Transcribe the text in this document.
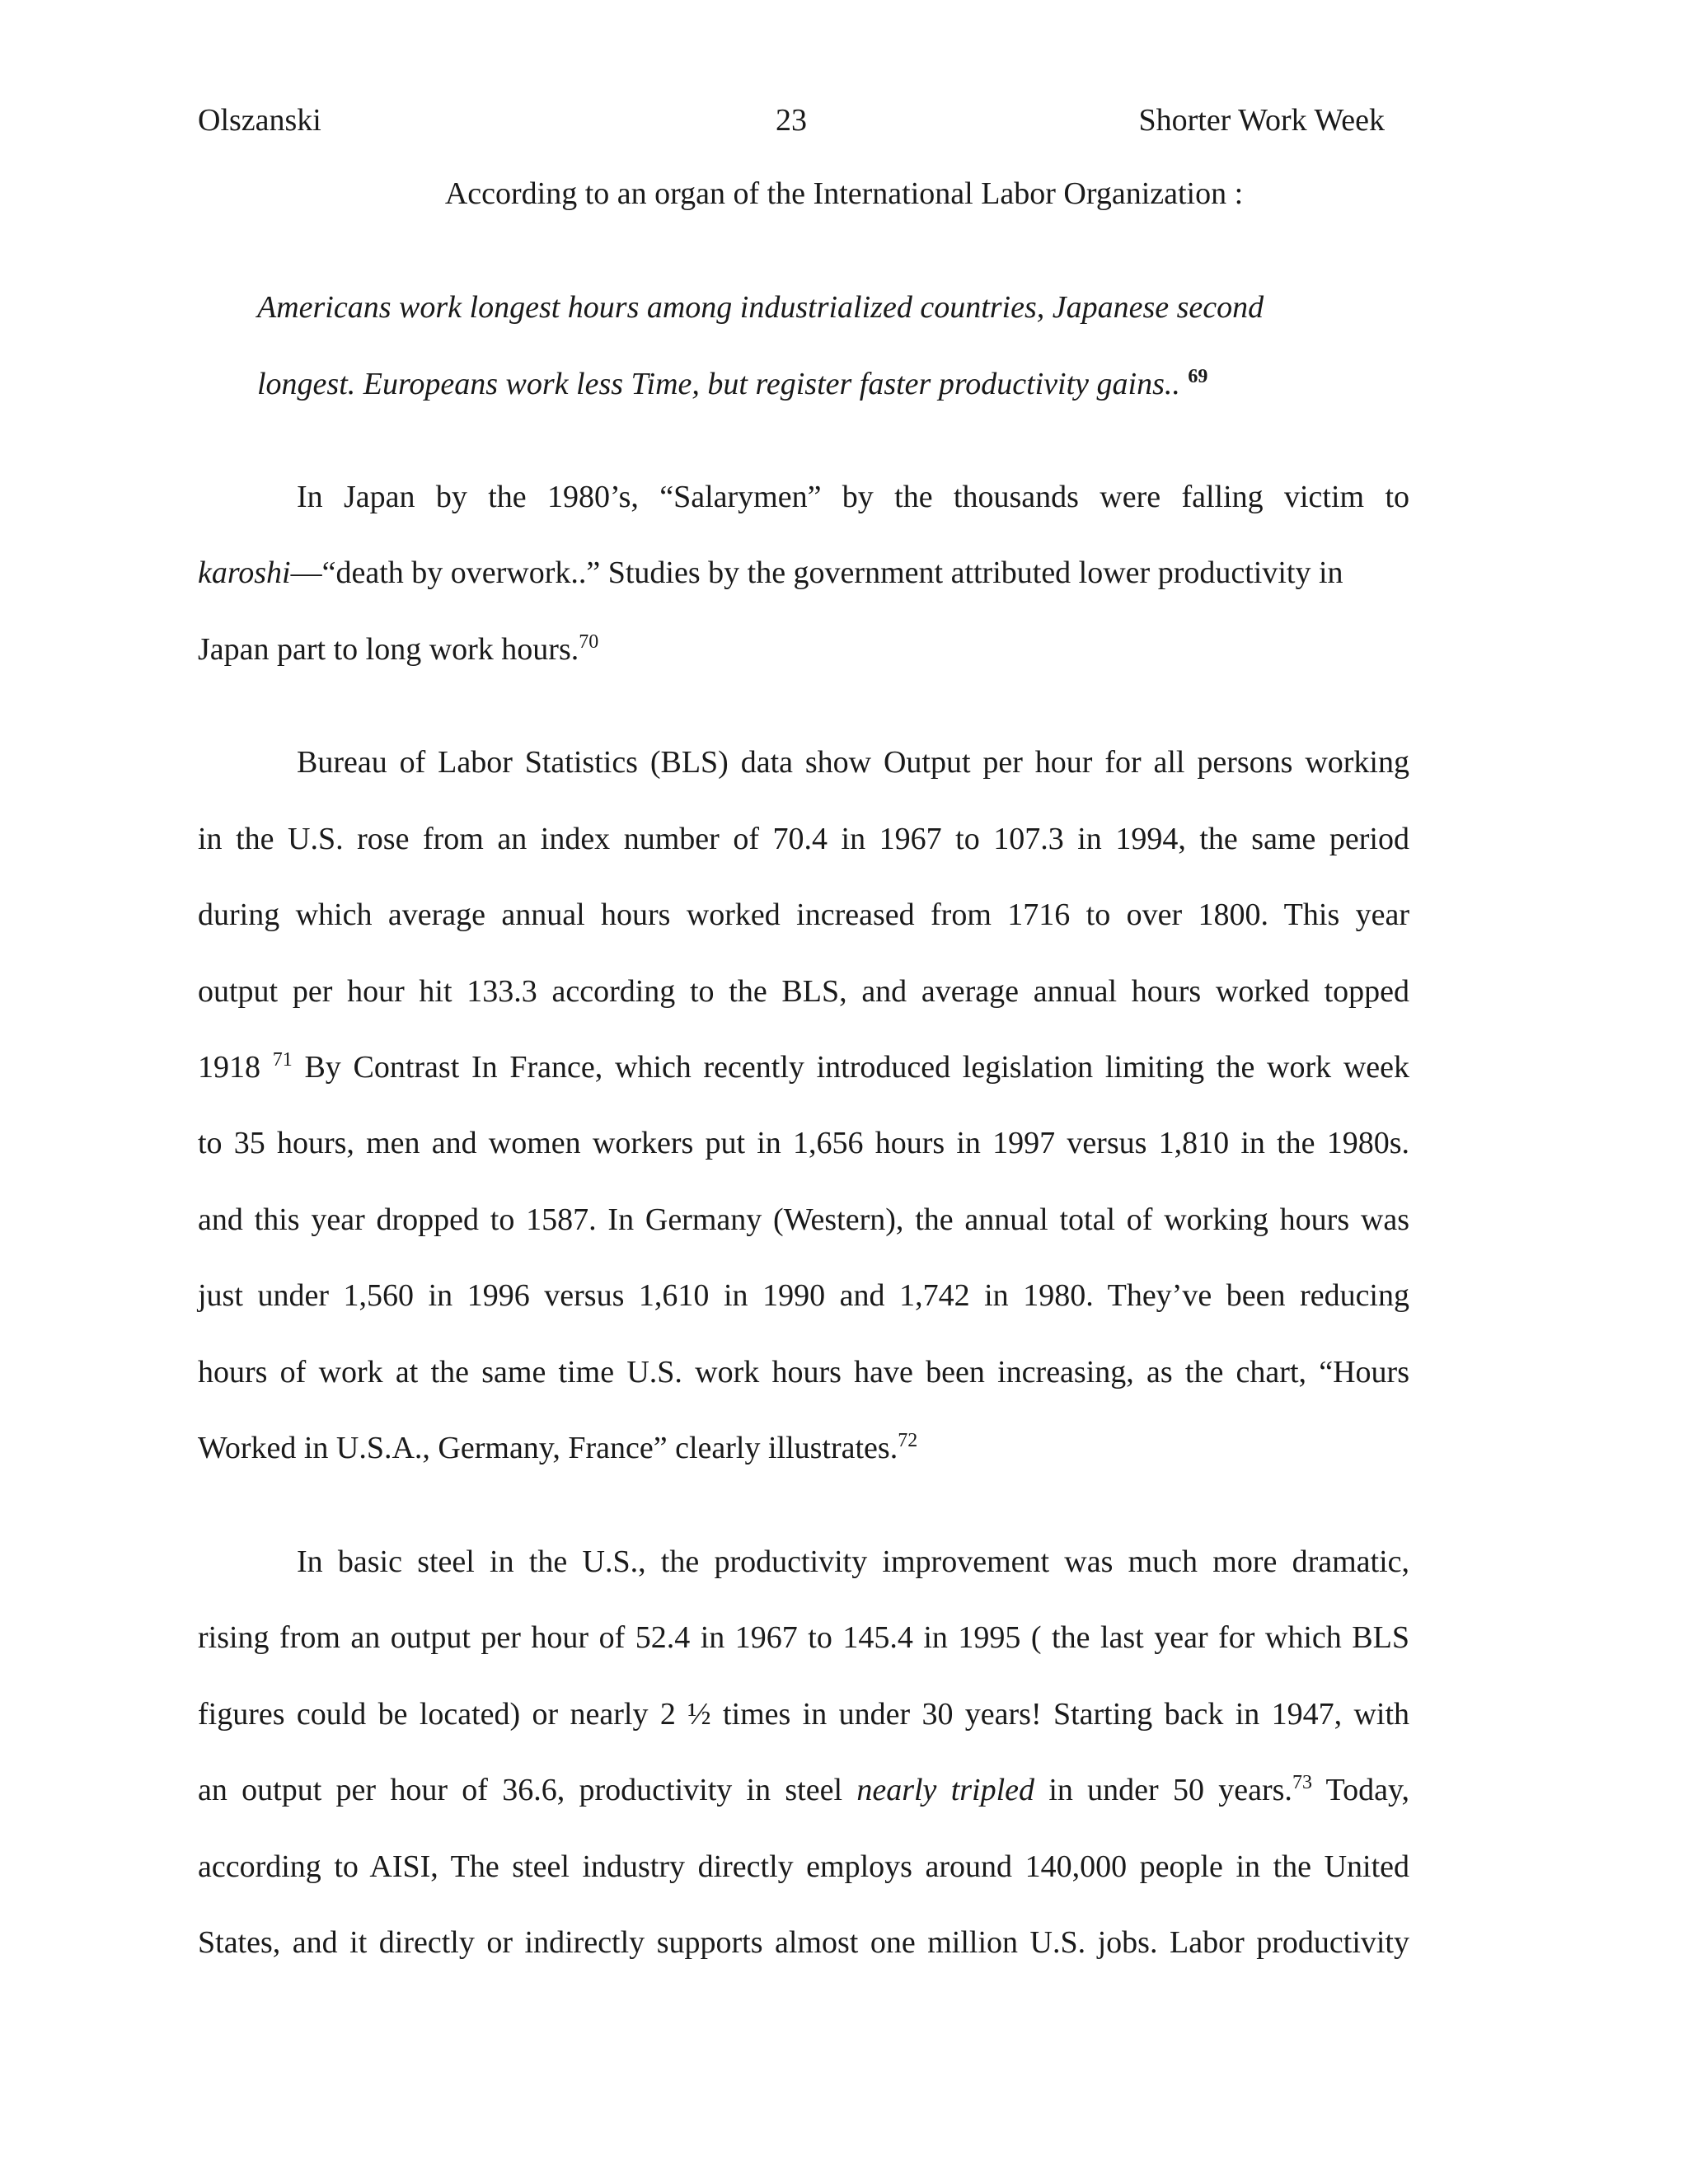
Olszanski	23	Shorter Work Week
According to an organ of the International Labor Organization :
Americans work longest hours among industrialized countries, Japanese second
longest. Europeans work less Time, but register faster productivity gains.. $^{69}$
In Japan by the 1980’s, “Salarymen” by the thousands were falling victim to
karoshi—“death by overwork..” Studies by the government attributed lower productivity in
Japan part to long work hours.$^{70}$
Bureau of Labor Statistics (BLS) data show Output per hour for all persons working
in the U.S. rose from an index number of 70.4 in 1967 to 107.3 in 1994, the same period
during which average annual hours worked increased from 1716 to over 1800. This year
output per hour hit 133.3 according to the BLS, and average annual hours worked topped
1918 $^{71}$ By Contrast In France, which recently introduced legislation limiting the work week
to 35 hours, men and women workers put in 1,656 hours in 1997 versus 1,810 in the 1980s.
and this year dropped to 1587. In Germany (Western), the annual total of working hours was
just under 1,560 in 1996 versus 1,610 in 1990 and 1,742 in 1980. They’ve been reducing
hours of work at the same time U.S. work hours have been increasing, as the chart, “Hours
Worked in U.S.A., Germany, France” clearly illustrates.$^{72}$
In basic steel in the U.S., the productivity improvement was much more dramatic,
rising from an output per hour of 52.4 in 1967 to 145.4 in 1995 ( the last year for which BLS
figures could be located) or nearly 2 ½ times in under 30 years! Starting back in 1947, with
an output per hour of 36.6, productivity in steel nearly tripled in under 50 years.$^{73}$ Today,
according to AISI, The steel industry directly employs around 140,000 people in the United
States, and it directly or indirectly supports almost one million U.S. jobs. Labor productivity
